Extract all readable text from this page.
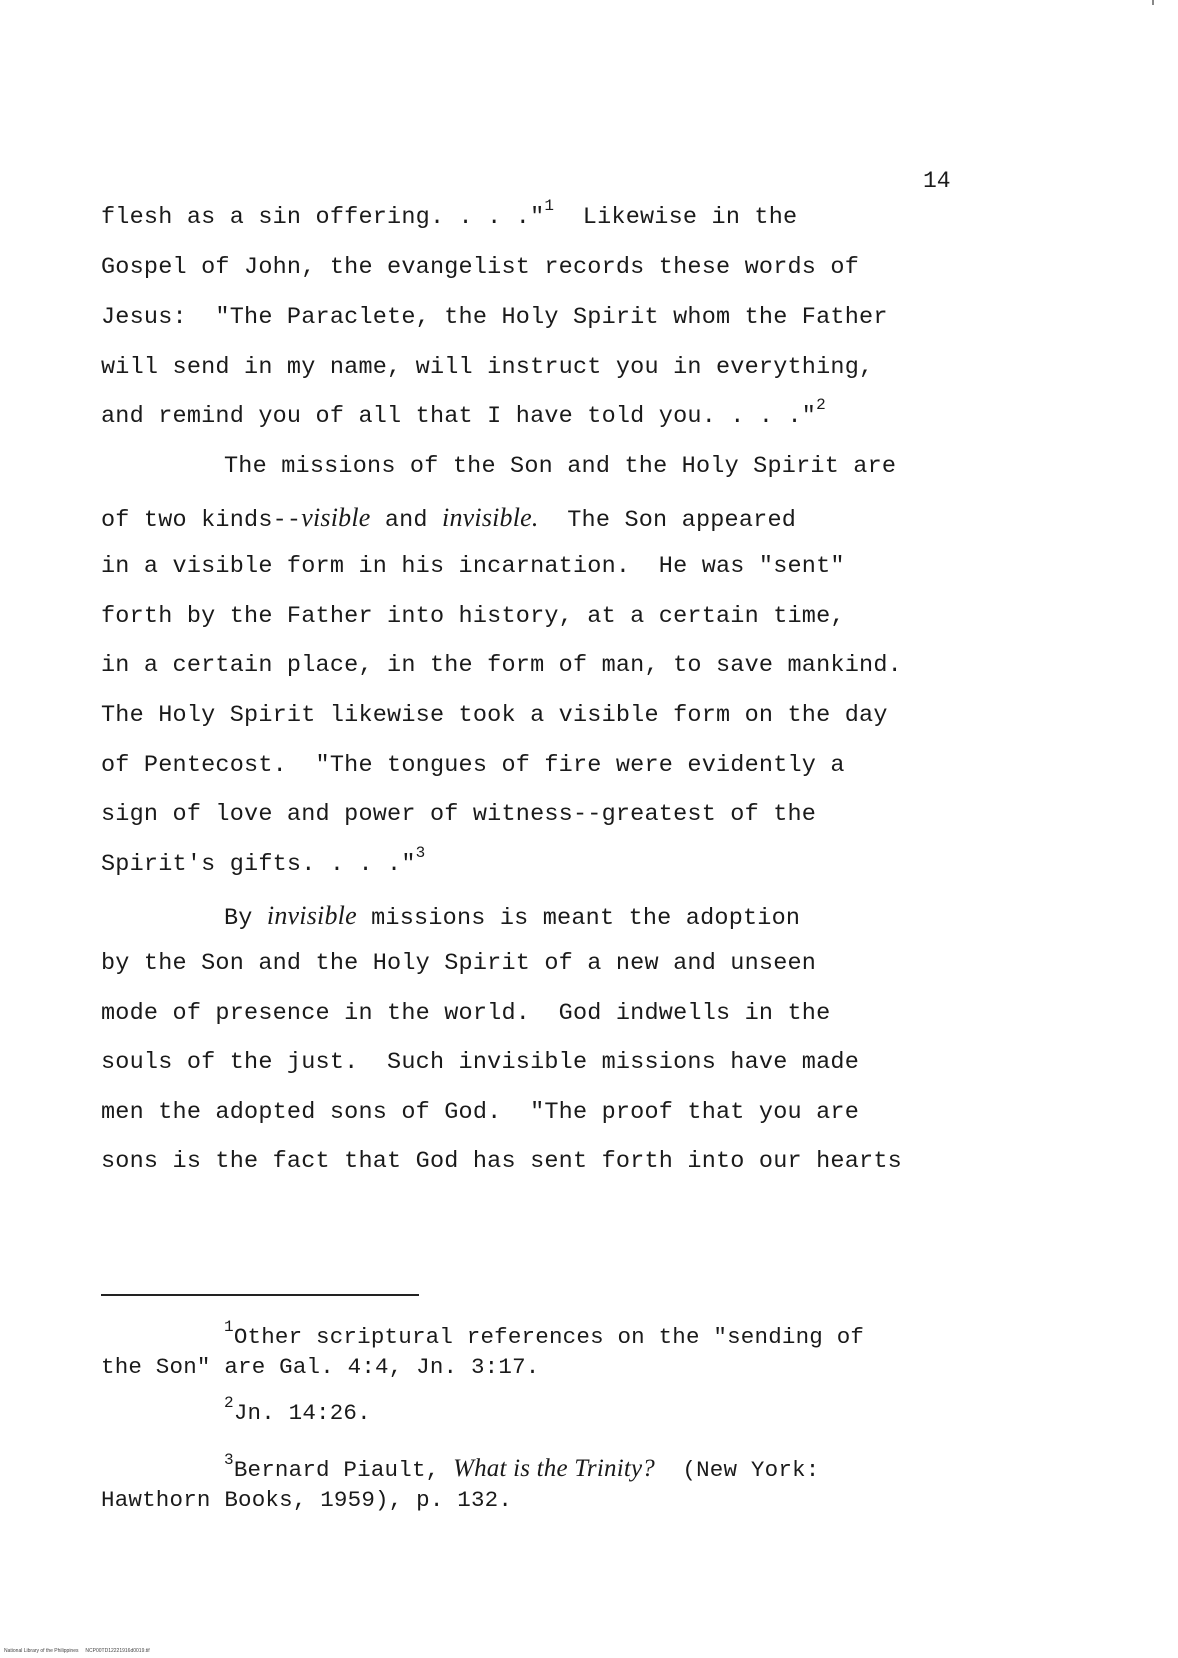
14
flesh as a sin offering. . . ."$^1$  Likewise in the
Gospel of John, the evangelist records these words of
Jesus:  "The Paraclete, the Holy Spirit whom the Father
will send in my name, will instruct you in everything,
and remind you of all that I have told you. . . ."$^2$
The missions of the Son and the Holy Spirit are
of two kinds--visible and invisible.  The Son appeared
in a visible form in his incarnation.  He was "sent"
forth by the Father into history, at a certain time,
in a certain place, in the form of man, to save mankind.
The Holy Spirit likewise took a visible form on the day
of Pentecost.  "The tongues of fire were evidently a
sign of love and power of witness--greatest of the
Spirit's gifts. . . ."$^3$
By invisible missions is meant the adoption
by the Son and the Holy Spirit of a new and unseen
mode of presence in the world.  God indwells in the
souls of the just.  Such invisible missions have made
men the adopted sons of God.  "The proof that you are
sons is the fact that God has sent forth into our hearts
$^1$Other scriptural references on the "sending of
the Son" are Gal. 4:4, Jn. 3:17.
$^2$Jn. 14:26.
$^3$Bernard Piault, What is the Trinity?  (New York:
Hawthorn Books, 1959), p. 132.
National Library of the Philippines     NCP00TD12221916d0019.tif
